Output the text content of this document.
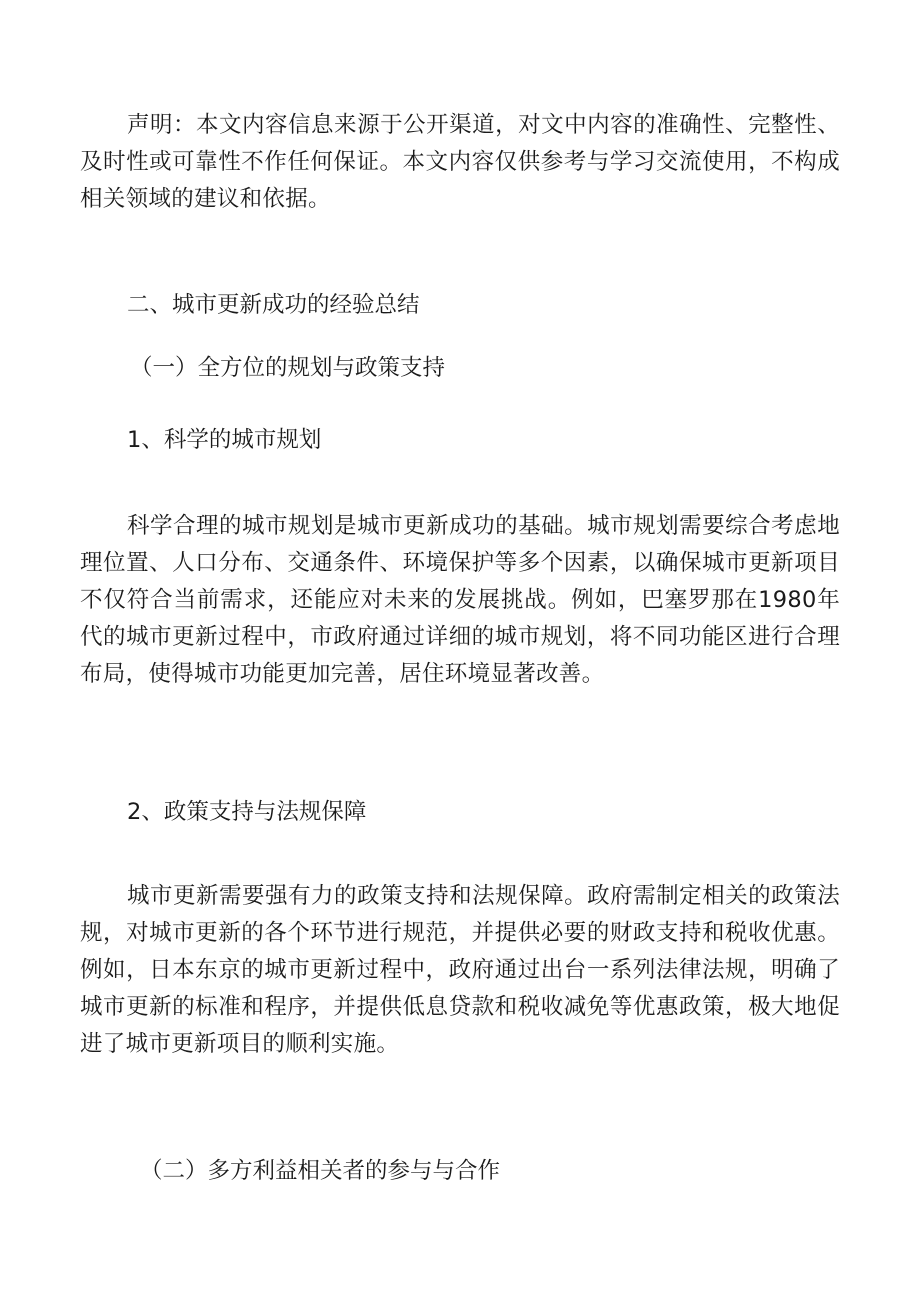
声明：本文内容信息来源于公开渠道，对文中内容的准确性、完整性、及时性或可靠性不作任何保证。本文内容仅供参考与学习交流使用，不构成相关领域的建议和依据。

二、城市更新成功的经验总结

（一）全方位的规划与政策支持

1、科学的城市规划

科学合理的城市规划是城市更新成功的基础。城市规划需要综合考虑地理位置、人口分布、交通条件、环境保护等多个因素，以确保城市更新项目不仅符合当前需求，还能应对未来的发展挑战。例如，巴塞罗那在1980年代的城市更新过程中，市政府通过详细的城市规划，将不同功能区进行合理布局，使得城市功能更加完善，居住环境显著改善。

2、政策支持与法规保障

城市更新需要强有力的政策支持和法规保障。政府需制定相关的政策法规，对城市更新的各个环节进行规范，并提供必要的财政支持和税收优惠。例如，日本东京的城市更新过程中，政府通过出台一系列法律法规，明确了城市更新的标准和程序，并提供低息贷款和税收减免等优惠政策，极大地促进了城市更新项目的顺利实施。

（二）多方利益相关者的参与与合作
